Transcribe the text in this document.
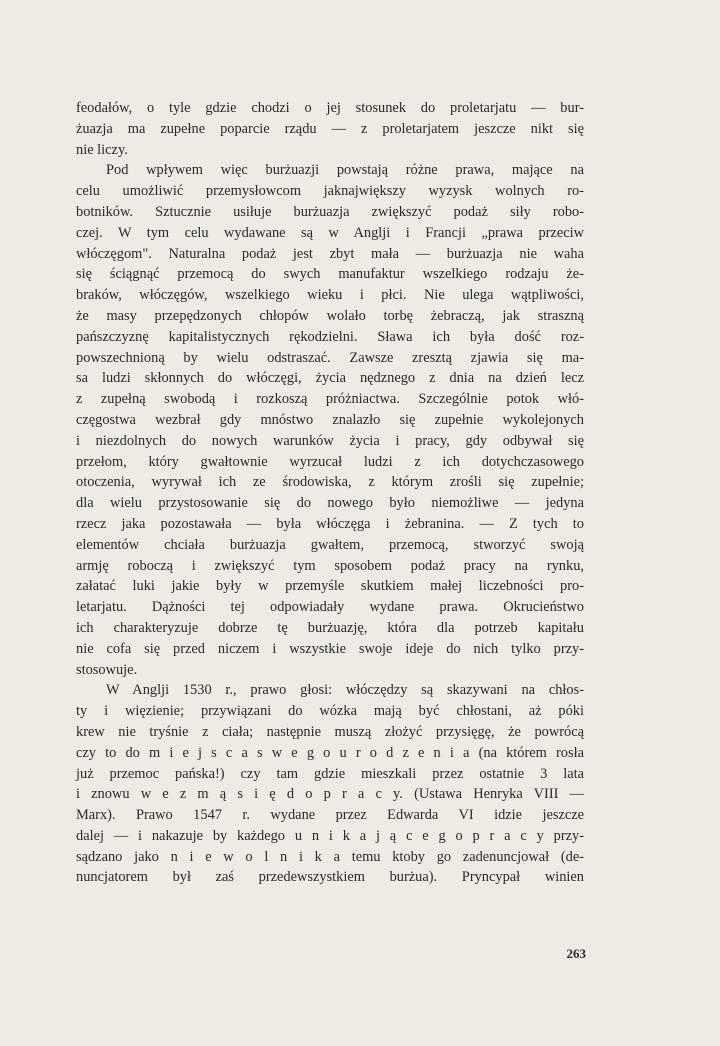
feodałów, o tyle gdzie chodzi o jej stosunek do proletarjatu — bur-

żuazja ma zupełne poparcie rządu — z proletarjatem jeszcze nikt się

nie liczy.

Pod wpływem więc burżuazji powstają różne prawa, mające na

celu umożliwić przemysłowcom jaknajwiększy wyzysk wolnych ro-

botników. Sztucznie usiłuje burżuazja zwiększyć podaż siły robo-

czej. W tym celu wydawane są w Anglji i Francji „prawa przeciw

włóczęgom". Naturalna podaż jest zbyt mała — burżuazja nie waha

się ściągnąć przemocą do swych manufaktur wszelkiego rodzaju że-

braków, włóczęgów, wszelkiego wieku i płci. Nie ulega wątpliwości,

że masy przepędzonych chłopów wolało torbę żebraczą, jak straszną

pańszczyznę kapitalistycznych rękodzielni. Sława ich była dość roz-

powszechnioną by wielu odstraszać. Zawsze zresztą zjawia się ma-

sa ludzi skłonnych do włóczęgi, życia nędznego z dnia na dzień lecz

z zupełną swobodą i rozkoszą próżniactwa. Szczególnie potok włó-

częgostwa wezbrał gdy mnóstwo znalazło się zupełnie wykolejonych

i niezdolnych do nowych warunków życia i pracy, gdy odbywał się

przełom, który gwałtownie wyrzucał ludzi z ich dotychczasowego

otoczenia, wyrywał ich ze środowiska, z którym zrośli się zupełnie;

dla wielu przystosowanie się do nowego było niemożliwe — jedyna

rzecz jaka pozostawała — była włóczęga i żebranina. — Z tych to

elementów chciała burżuazja gwałtem, przemocą, stworzyć swoją

armję roboczą i zwiększyć tym sposobem podaż pracy na rynku,

załatać luki jakie były w przemyśle skutkiem małej liczebności pro-

letarjatu. Dążności tej odpowiadały wydane prawa. Okrucieństwo

ich charakteryzuje dobrze tę burżuazję, która dla potrzeb kapitału

nie cofa się przed niczem i wszystkie swoje ideje do nich tylko przy-

stosowuje.

W Anglji 1530 r., prawo głosi: włóczędzy są skazywani na chłos-

ty i więzienie; przywiązani do wózka mają być chłostani, aż póki

krew nie tryśnie z ciała; następnie muszą złożyć przysięgę, że powrócą

czy to do m i e j s c a s w e g o u r o d z e n i a (na którem rosła

już przemoc pańska!) czy tam gdzie mieszkali przez ostatnie 3 lata

i znowu w e z m ą s i ę d o p r a c y. (Ustawa Henryka VIII —

Marx). Prawo 1547 r. wydane przez Edwarda VI idzie jeszcze

dalej — i nakazuje by każdego u n i k a j ą c e g o p r a c y przy-

sądzano jako n i e w o l n i k a temu ktoby go zadenuncjował (de-

nuncjatorem był zaś przedewszystkiem burżua). Pryncypał winien

263
